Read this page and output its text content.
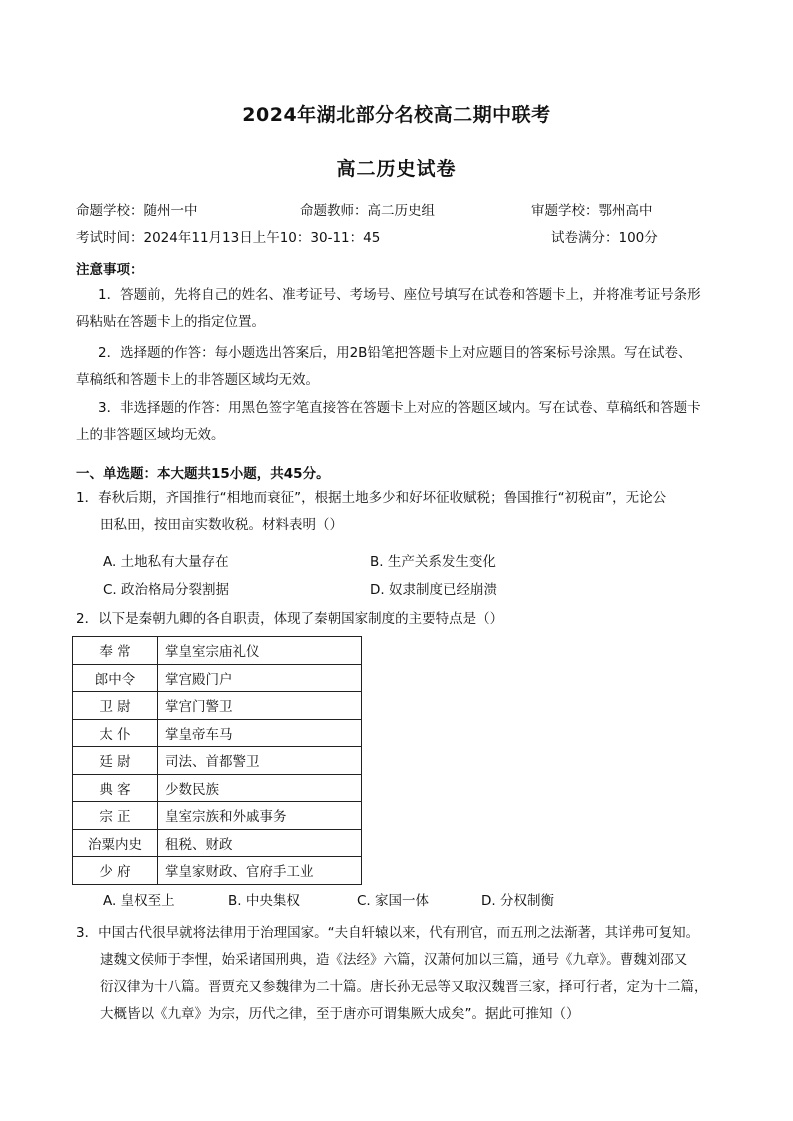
2024年湖北部分名校高二期中联考
高二历史试卷
命题学校：随州一中	命题教师：高二历史组	审题学校：鄂州高中
考试时间：2024年11月13日上午10：30-11：45	试卷满分：100分
注意事项：
1．答题前，先将自己的姓名、准考证号、考场号、座位号填写在试卷和答题卡上，并将准考证号条形
码粘贴在答题卡上的指定位置。
2．选择题的作答：每小题选出答案后，用2B铅笔把答题卡上对应题目的答案标号涂黑。写在试卷、
草稿纸和答题卡上的非答题区域均无效。
3．非选择题的作答：用黑色签字笔直接答在答题卡上对应的答题区域内。写在试卷、草稿纸和答题卡
上的非答题区域均无效。
一、单选题：本大题共15小题，共45分。
1．春秋后期，齐国推行“相地而衰征”，根据土地多少和好坏征收赋税；鲁国推行“初税亩”，无论公
田私田，按田亩实数收税。材料表明（）
A. 土地私有大量存在	B. 生产关系发生变化
C. 政治格局分裂割据	D. 奴隶制度已经崩溃
2．以下是秦朝九卿的各自职责，体现了秦朝国家制度的主要特点是（）
奉 常	掌皇室宗庙礼仪
郎中令	掌宫殿门户
卫 尉	掌宫门警卫
太 仆	掌皇帝车马
廷 尉	司法、首都警卫
典 客	少数民族
宗 正	皇室宗族和外戚事务
治粟内史	租税、财政
少 府	掌皇家财政、官府手工业
A. 皇权至上	B. 中央集权	C. 家国一体	D. 分权制衡
3．中国古代很早就将法律用于治理国家。“夫自轩辕以来，代有刑官，而五刑之法渐著，其详弗可复知。
逮魏文侯师于李悝，始采诸国刑典，造《法经》六篇，汉萧何加以三篇，通号《九章》。曹魏刘邵又
衍汉律为十八篇。晋贾充又参魏律为二十篇。唐长孙无忌等又取汉魏晋三家，择可行者，定为十二篇，
大概皆以《九章》为宗，历代之律，至于唐亦可谓集厥大成矣”。据此可推知（）
